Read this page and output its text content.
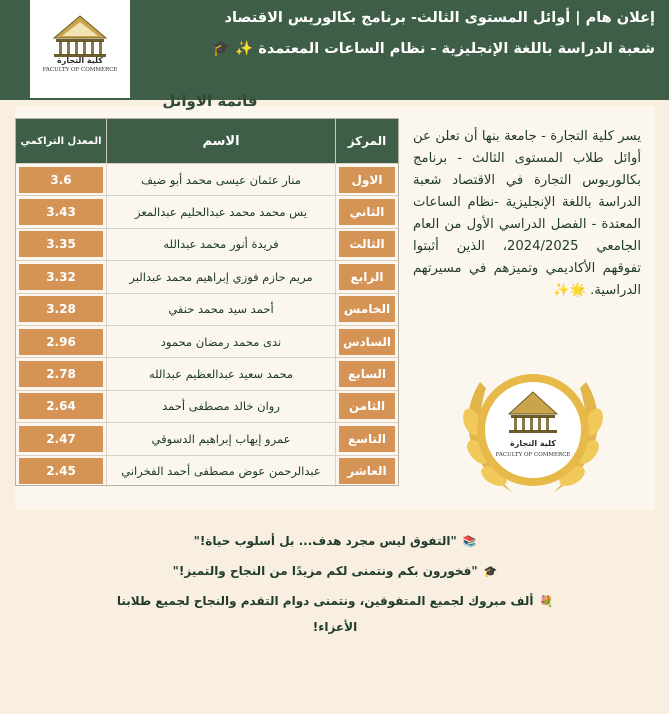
إعلان هام | أوائل المستوى الثالث- برنامج بكالوريس الاقتصاد
شعبة الدراسة باللغة الإنجليزية - نظام الساعات المعتمدة ✨ 🎓
كلية التجارة
FACULTY OF COMMERCE
قائمة الاوائل
المعدل التراكمي	الاسم	المركز
3.6	منار عثمان عيسى محمد أبو ضيف	الاول
3.43	يس محمد محمد عبدالحليم عبدالمعز	الثاني
3.35	فريدة أنور محمد عبدالله	الثالث
3.32	مريم حازم فوزي إبراهيم محمد عبدالبر	الرابع
3.28	أحمد سيد محمد حنفي	الخامس
2.96	ندى محمد رمضان محمود	السادس
2.78	محمد سعيد عبدالعظيم عبدالله	السابع
2.64	روان خالد مصطفى أحمد	الثامن
2.47	عمرو إيهاب إبراهيم الدسوقي	التاسع
2.45	عبدالرحمن عوض مصطفى أحمد الفخراني	العاشر
يسر كلية التجارة - جامعة بنها أن تعلن عن أوائل طلاب المستوى الثالث - برنامج بكالوريوس التجارة في الاقتصاد شعبة الدراسة باللغة الإنجليزية -نظام الساعات المعتدة - الفصل الدراسي الأول من العام الجامعي 2024/2025، الذين أثبتوا تفوقهم الأكاديمي وتميزهم في مسيرتهم الدراسية. 🌟✨
كلية التجارة
FACULTY OF COMMERCE
📚"التفوق ليس مجرد هدف... بل أسلوب حياة!"
🎓"فخورون بكم ونتمنى لكم مزيدًا من النجاح والتميز!"
💐ألف مبروك لجميع المتفوقين، ونتمنى دوام التقدم والنجاح لجميع طلابنا
الأعزاء!
